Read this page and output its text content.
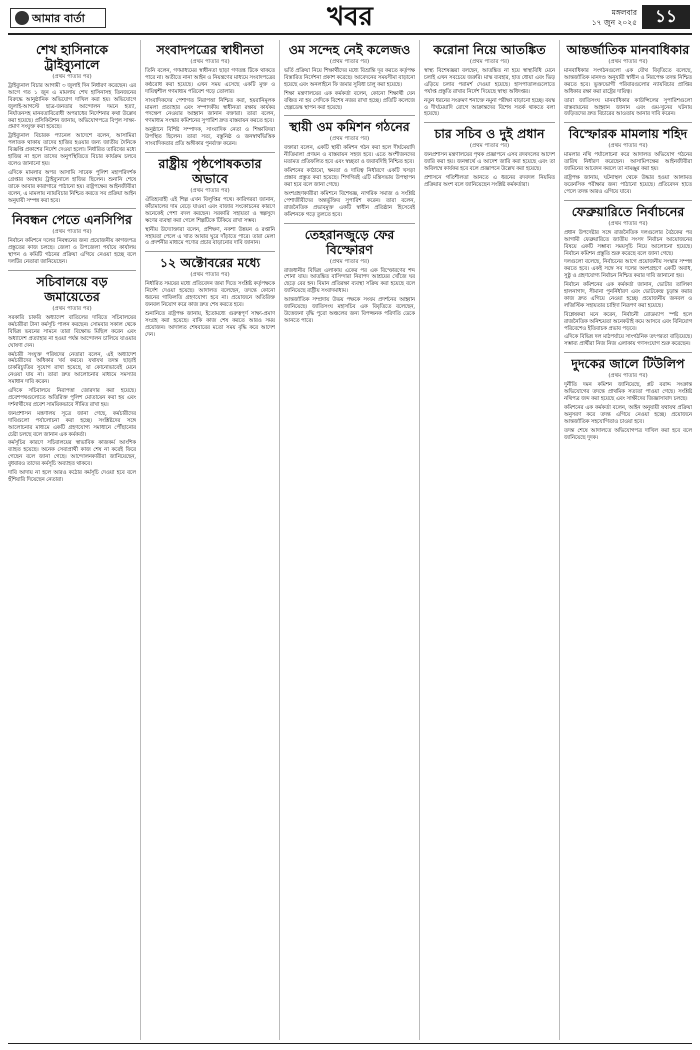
আমার বার্তা	খবর	মঙ্গলবার
১৭ জুন ২০২৫	১১
শেখ হাসিনাকে ট্রাইব্যুনালে
(প্রথম পাতার পর)

ট্রাইব্যুনাল বিচার আগামী ৩ জুলাই দিন নির্ধারণ করেছেন। এর আগে গত ১ জুন এ মামলায় শেখ হাসিনাসহ তিনজনের বিরুদ্ধে আনুষ্ঠানিক অভিযোগ দাখিল করা হয়। অভিযোগে জুলাই-আগস্টে ছাত্র-জনতার আন্দোলন দমনে হত্যা, নির্যাতনসহ মানবতাবিরোধী অপরাধের নির্দেশনার কথা উল্লেখ করা হয়েছে। প্রসিকিউশন জানায়, অভিযোগপত্রে বিপুল সাক্ষ্য-প্রমাণ সংযুক্ত করা হয়েছে।

ট্রাইব্যুনাল বিচারক প্যানেল আদেশে বলেন, আসামিরা পলাতক থাকায় তাদের হাজির হওয়ার জন্য জাতীয় দৈনিকে বিজ্ঞপ্তি প্রকাশের নির্দেশ দেওয়া হলো। নির্ধারিত তারিখের মধ্যে হাজির না হলে তাদের অনুপস্থিতিতে বিচার কার্যক্রম চলবে বলেও জানানো হয়।

এদিকে মামলার অপর আসামি সাবেক পুলিশ মহাপরিদর্শক গ্রেপ্তার অবস্থায় ট্রাইব্যুনালে হাজির ছিলেন। শুনানি শেষে তাকে আবার কারাগারে পাঠানো হয়। রাষ্ট্রপক্ষের আইনজীবীরা বলেন, এ মামলায় ন্যায়বিচার নিশ্চিত করতে সব প্রক্রিয়া আইন অনুযায়ী সম্পন্ন করা হবে।

নিবন্ধন পেতে এনসিপির
(প্রথম পাতার পর)

নির্বাচন কমিশনে দলের নিবন্ধনের জন্য প্রয়োজনীয় কাগজপত্র প্রস্তুতের কাজ চলছে। জেলা ও উপজেলা পর্যায়ে কার্যালয় স্থাপন ও কমিটি গঠনের প্রক্রিয়া এগিয়ে নেওয়া হচ্ছে বলে দলটির নেতারা জানিয়েছেন।

সচিবালয়ে বড় জমায়েতের
(প্রথম পাতার পর)

সরকারি চাকরি অধ্যাদেশ বাতিলের দাবিতে সচিবালয়ের কর্মচারীরা টানা কর্মসূচি পালন করছেন। সোমবার সকাল থেকে বিভিন্ন ভবনের সামনে তারা বিক্ষোভ মিছিল করেন এবং অধ্যাদেশ প্রত্যাহার না হওয়া পর্যন্ত আন্দোলন চালিয়ে যাওয়ার ঘোষণা দেন।

কর্মচারী সংযুক্ত পরিষদের নেতারা বলেন, এই অধ্যাদেশ কর্মচারীদের অধিকার খর্ব করবে। যথাযথ তদন্ত ছাড়াই চাকরিচ্যুতির সুযোগ রাখা হয়েছে, যা কোনোভাবেই মেনে নেওয়া যায় না। তারা দ্রুত আলোচনার মাধ্যমে সমস্যার সমাধান দাবি করেন।

এদিকে সচিবালয়ে নিরাপত্তা জোরদার করা হয়েছে। প্রবেশপথগুলোতে অতিরিক্ত পুলিশ মোতায়েন করা হয় এবং দর্শনার্থীদের প্রবেশ সাময়িকভাবে সীমিত রাখা হয়।

জনপ্রশাসন মন্ত্রণালয় সূত্রে জানা গেছে, কর্মচারীদের দাবিগুলো পর্যালোচনা করা হচ্ছে। সংশ্লিষ্টদের সঙ্গে আলোচনার মাধ্যমে একটি গ্রহণযোগ্য সমাধানে পৌঁছানোর চেষ্টা চলছে বলে জানান এক কর্মকর্তা।

কর্মসূচির কারণে সচিবালয়ের স্বাভাবিক কাজকর্ম আংশিক ব্যাহত হয়েছে। অনেক সেবাপ্রার্থী কাজ শেষ না করেই ফিরে গেছেন বলে জানা গেছে। আন্দোলনকারীরা জানিয়েছেন, বুধবারও তাদের কর্মসূচি অব্যাহত থাকবে।

দাবি আদায় না হলে আরও কঠোর কর্মসূচি দেওয়া হবে বলে হুঁশিয়ারি দিয়েছেন নেতারা।

সংবাদপত্রের স্বাধীনতা
(প্রথম পাতার পর)

তিনি বলেন, গণমাধ্যমের স্বাধীনতা ছাড়া গণতন্ত্র টিকে থাকতে পারে না। অতীতে নানা আইন ও নিয়ন্ত্রণের মাধ্যমে সংবাদপত্রের কণ্ঠরোধ করা হয়েছে। এখন সময় এসেছে একটি মুক্ত ও দায়িত্বশীল গণমাধ্যম পরিবেশ গড়ে তোলার।

সাংবাদিকদের পেশাগত নিরাপত্তা নিশ্চিত করা, হয়রানিমূলক মামলা প্রত্যাহার এবং সম্পাদকীয় স্বাধীনতা রক্ষায় কার্যকর পদক্ষেপ নেওয়ার আহ্বান জানান বক্তারা। তারা বলেন, গণমাধ্যম সংস্কার কমিশনের সুপারিশ দ্রুত বাস্তবায়ন করতে হবে।

অনুষ্ঠানে বিশিষ্ট সম্পাদক, সাংবাদিক নেতা ও শিক্ষাবিদরা উপস্থিত ছিলেন। তারা সত্য, বস্তুনিষ্ঠ ও জনস্বার্থভিত্তিক সাংবাদিকতার প্রতি অঙ্গীকার পুনর্ব্যক্ত করেন।

রাষ্ট্রীয় পৃষ্ঠপোষকতার অভাবে
(প্রথম পাতার পর)

ঐতিহ্যবাহী এই শিল্প এখন বিলুপ্তির পথে। কারিগররা জানান, কাঁচামালের দাম বেড়ে যাওয়া এবং বাজার সংকোচনের কারণে অনেকেই পেশা বদল করছেন। সরকারি সহায়তা ও স্বল্পসুদে ঋণের ব্যবস্থা করা গেলে শিল্পটিকে টিকিয়ে রাখা সম্ভব।

স্থানীয় উদ্যোক্তারা বলেন, প্রশিক্ষণ, নকশা উন্নয়ন ও রপ্তানি সহায়তা পেলে এ খাত আবার ঘুরে দাঁড়াতে পারে। তারা মেলা ও প্রদর্শনীর মাধ্যমে পণ্যের প্রচার বাড়ানোর দাবি জানান।

১২ অক্টোবরের মধ্যে
(প্রথম পাতার পর)

নির্ধারিত সময়ের মধ্যে প্রতিবেদন জমা দিতে সংশ্লিষ্ট কর্তৃপক্ষকে নির্দেশ দেওয়া হয়েছে। আদালত বলেছেন, তদন্তে কোনো ধরনের গাফিলতি গ্রহণযোগ্য হবে না। প্রয়োজনে অতিরিক্ত জনবল নিয়োগ করে কাজ দ্রুত শেষ করতে হবে।

শুনানিতে রাষ্ট্রপক্ষ জানায়, ইতোমধ্যে গুরুত্বপূর্ণ সাক্ষ্য-প্রমাণ সংগ্রহ করা হয়েছে। বাকি কাজ শেষ করতে আরও সময় প্রয়োজন। আদালত শেষবারের মতো সময় বৃদ্ধি করে আদেশ দেন।

ওম সন্দেহ নেই কলেজও
(প্রথম পাতার পর)

ভর্তি প্রক্রিয়া নিয়ে শিক্ষার্থীদের মধ্যে বিভ্রান্তি দূর করতে কর্তৃপক্ষ বিস্তারিত নির্দেশনা প্রকাশ করেছে। আবেদনের সময়সীমা বাড়ানো হয়েছে এবং অনলাইনে ফি জমার সুবিধা চালু করা হয়েছে।

শিক্ষা মন্ত্রণালয়ের এক কর্মকর্তা বলেন, কোনো শিক্ষার্থী যেন বঞ্চিত না হয় সেদিকে বিশেষ নজর রাখা হচ্ছে। প্রতিটি কলেজে হেল্পডেস্ক স্থাপন করা হয়েছে।

স্থায়ী ওম কমিশন গঠনের
(প্রথম পাতার পর)

বক্তারা বলেন, একটি স্থায়ী কমিশন গঠন করা হলে দীর্ঘমেয়াদি নীতিমালা প্রণয়ন ও বাস্তবায়ন সহজ হবে। এতে অংশীজনদের মতামত প্রতিফলিত হবে এবং স্বচ্ছতা ও জবাবদিহি নিশ্চিত হবে।

কমিশনের কাঠামো, ক্ষমতা ও দায়িত্ব নির্ধারণে একটি খসড়া প্রস্তাব প্রস্তুত করা হয়েছে। শিগগিরই এটি মন্ত্রিসভায় উপস্থাপন করা হবে বলে জানা গেছে।

অংশগ্রহণকারীরা কমিশনে বিশেষজ্ঞ, নাগরিক সমাজ ও সংশ্লিষ্ট পেশাজীবীদের অন্তর্ভুক্তির সুপারিশ করেন। তারা বলেন, রাজনৈতিক প্রভাবমুক্ত একটি স্বাধীন প্রতিষ্ঠান হিসেবেই কমিশনকে গড়ে তুলতে হবে।

তেহরানজুড়ে ফের বিস্ফোরণ
(প্রথম পাতার পর)

রাজধানীর বিভিন্ন এলাকায় একের পর এক বিস্ফোরণের শব্দ শোনা যায়। আতঙ্কিত বাসিন্দারা নিরাপদ আশ্রয়ের খোঁজে ঘর ছেড়ে বের হন। বিমান প্রতিরক্ষা ব্যবস্থা সক্রিয় করা হয়েছে বলে জানিয়েছে রাষ্ট্রীয় সংবাদমাধ্যম।

আন্তর্জাতিক সম্প্রদায় উভয় পক্ষকে সংযম প্রদর্শনের আহ্বান জানিয়েছে। জাতিসংঘ মহাসচিব এক বিবৃতিতে বলেছেন, উত্তেজনা বৃদ্ধি পুরো অঞ্চলের জন্য বিপজ্জনক পরিণতি ডেকে আনতে পারে।

করোনা নিয়ে আতঙ্কিত
(প্রথম পাতার পর)

স্বাস্থ্য বিশেষজ্ঞরা বলছেন, আতঙ্কিত না হয়ে স্বাস্থ্যবিধি মেনে চলাই এখন সবচেয়ে জরুরি। মাস্ক ব্যবহার, হাত ধোয়া এবং ভিড় এড়িয়ে চলার পরামর্শ দেওয়া হয়েছে। হাসপাতালগুলোতে পর্যাপ্ত প্রস্তুতি রাখার নির্দেশ দিয়েছে স্বাস্থ্য অধিদপ্তর।

নতুন ধরনের সংক্রমণ শনাক্তে নমুনা পরীক্ষা বাড়ানো হচ্ছে। বয়স্ক ও দীর্ঘমেয়াদি রোগে আক্রান্তদের বিশেষ সতর্ক থাকতে বলা হয়েছে।

চার সচিব ও দুই প্রধান
(প্রথম পাতার পর)

জনপ্রশাসন মন্ত্রণালয়ের পৃথক প্রজ্ঞাপনে এসব রদবদলের আদেশ জারি করা হয়। জনস্বার্থে এ আদেশ জারি করা হয়েছে এবং তা অবিলম্বে কার্যকর হবে বলে প্রজ্ঞাপনে উল্লেখ করা হয়েছে।

প্রশাসনে গতিশীলতা আনতে এ ধরনের রদবদল নিয়মিত প্রক্রিয়ার অংশ বলে জানিয়েছেন সংশ্লিষ্ট কর্মকর্তারা।

আন্তর্জাতিক মানবাধিকার
(প্রথম পাতার পর)

মানবাধিকার সংগঠনগুলো এক যৌথ বিবৃতিতে বলেছে, আন্তর্জাতিক মানদণ্ড অনুযায়ী স্বাধীন ও নিরপেক্ষ তদন্ত নিশ্চিত করতে হবে। ভুক্তভোগী পরিবারগুলোর ন্যায়বিচার প্রাপ্তির অধিকার রক্ষা করা রাষ্ট্রের দায়িত্ব।

তারা জাতিসংঘ মানবাধিকার কাউন্সিলের সুপারিশগুলো বাস্তবায়নের আহ্বান জানান এবং গুম-খুনের ঘটনায় জড়িতদের দ্রুত বিচারের আওতায় আনার দাবি করেন।

বিস্ফোরক মামলায় শহিদ
(প্রথম পাতার পর)

মামলার নথি পর্যালোচনা করে আদালত অভিযোগ গঠনের তারিখ নির্ধারণ করেছেন। আসামিপক্ষের আইনজীবীরা জামিনের আবেদন করলে তা নামঞ্জুর করা হয়।

রাষ্ট্রপক্ষ জানায়, ঘটনাস্থল থেকে উদ্ধার হওয়া আলামত ফরেনসিক পরীক্ষার জন্য পাঠানো হয়েছে। প্রতিবেদন হাতে পেলে তদন্ত আরও এগিয়ে যাবে।

ফেব্রুয়ারিতে নির্বাচনের
(প্রথম পাতার পর)

প্রধান উপদেষ্টার সঙ্গে রাজনৈতিক দলগুলোর বৈঠকের পর আগামী ফেব্রুয়ারিতে জাতীয় সংসদ নির্বাচন আয়োজনের বিষয়ে একটি সম্ভাব্য সময়সূচি নিয়ে আলোচনা হয়েছে। নির্বাচন কমিশন প্রস্তুতি শুরু করেছে বলে জানা গেছে।

দলগুলো বলেছে, নির্বাচনের আগে প্রয়োজনীয় সংস্কার সম্পন্ন করতে হবে। একই সঙ্গে সব দলের অংশগ্রহণে একটি অবাধ, সুষ্ঠু ও গ্রহণযোগ্য নির্বাচন নিশ্চিত করার দাবি জানানো হয়।

নির্বাচন কমিশনের এক কর্মকর্তা জানান, ভোটার তালিকা হালনাগাদ, সীমানা পুনর্নির্ধারণ এবং ভোটকেন্দ্র চূড়ান্ত করার কাজ দ্রুত এগিয়ে নেওয়া হচ্ছে। প্রয়োজনীয় জনবল ও লজিস্টিক সহায়তার চাহিদা নিরূপণ করা হয়েছে।

বিশ্লেষকরা মনে করেন, নির্বাচনী রোডম্যাপ স্পষ্ট হলে রাজনৈতিক অনিশ্চয়তা অনেকটাই কমে আসবে এবং বিনিয়োগ পরিবেশেও ইতিবাচক প্রভাব পড়বে।

এদিকে বিভিন্ন দল মাঠপর্যায়ে সাংগঠনিক তৎপরতা বাড়িয়েছে। সম্ভাব্য প্রার্থীরা নিজ নিজ এলাকায় গণসংযোগ শুরু করেছেন।

দুদকের জালে টিউলিপ
(প্রথম পাতার পর)

দুর্নীতি দমন কমিশন জানিয়েছে, প্লট বরাদ্দ সংক্রান্ত অভিযোগের তদন্তে প্রাথমিক সত্যতা পাওয়া গেছে। সংশ্লিষ্ট নথিপত্র জব্দ করা হয়েছে এবং সাক্ষীদের জিজ্ঞাসাবাদ চলছে।

কমিশনের এক কর্মকর্তা বলেন, আইন অনুযায়ী যথাযথ প্রক্রিয়া অনুসরণ করে তদন্ত এগিয়ে নেওয়া হচ্ছে। প্রয়োজনে আন্তর্জাতিক সহযোগিতাও চাওয়া হবে।

তদন্ত শেষে আদালতে অভিযোগপত্র দাখিল করা হবে বলে জানিয়েছে দুদক।
